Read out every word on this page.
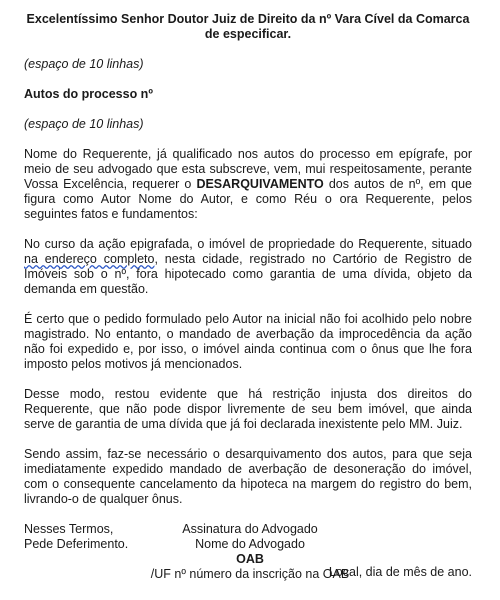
Excelentíssimo Senhor Doutor Juiz de Direito da nº Vara Cível da Comarca
de especificar.
(espaço de 10 linhas)
Autos do processo nº
(espaço de 10 linhas)

Nome do Requerente, já qualificado nos autos do processo em epígrafe, por meio de seu advogado que esta subscreve, vem, mui respeitosamente, perante Vossa Excelência, requerer o DESARQUIVAMENTO dos autos de nº, em que figura como Autor Nome do Autor, e como Réu o ora Requerente, pelos seguintes fatos e fundamentos:

No curso da ação epigrafada, o imóvel de propriedade do Requerente, situado na endereço completo, nesta cidade, registrado no Cartório de Registro de Imóveis sob o nº, fora hipotecado como garantia de uma dívida, objeto da demanda em questão.

É certo que o pedido formulado pelo Autor na inicial não foi acolhido pelo nobre magistrado. No entanto, o mandado de averbação da improcedência da ação não foi expedido e, por isso, o imóvel ainda continua com o ônus que lhe fora imposto pelos motivos já mencionados.

Desse modo, restou evidente que há restrição injusta dos direitos do Requerente, que não pode dispor livremente de seu bem imóvel, que ainda serve de garantia de uma dívida que já foi declarada inexistente pelo MM. Juiz.

Sendo assim, faz-se necessário o desarquivamento dos autos, para que seja imediatamente expedido mandado de averbação de desoneração do imóvel, com o consequente cancelamento da hipoteca na margem do registro do bem, livrando-o de qualquer ônus.

Nesses Termos,
Pede Deferimento.

Local, dia de mês de ano.

Assinatura do Advogado
Nome do Advogado
OAB
/UF nº número da inscrição na OAB
